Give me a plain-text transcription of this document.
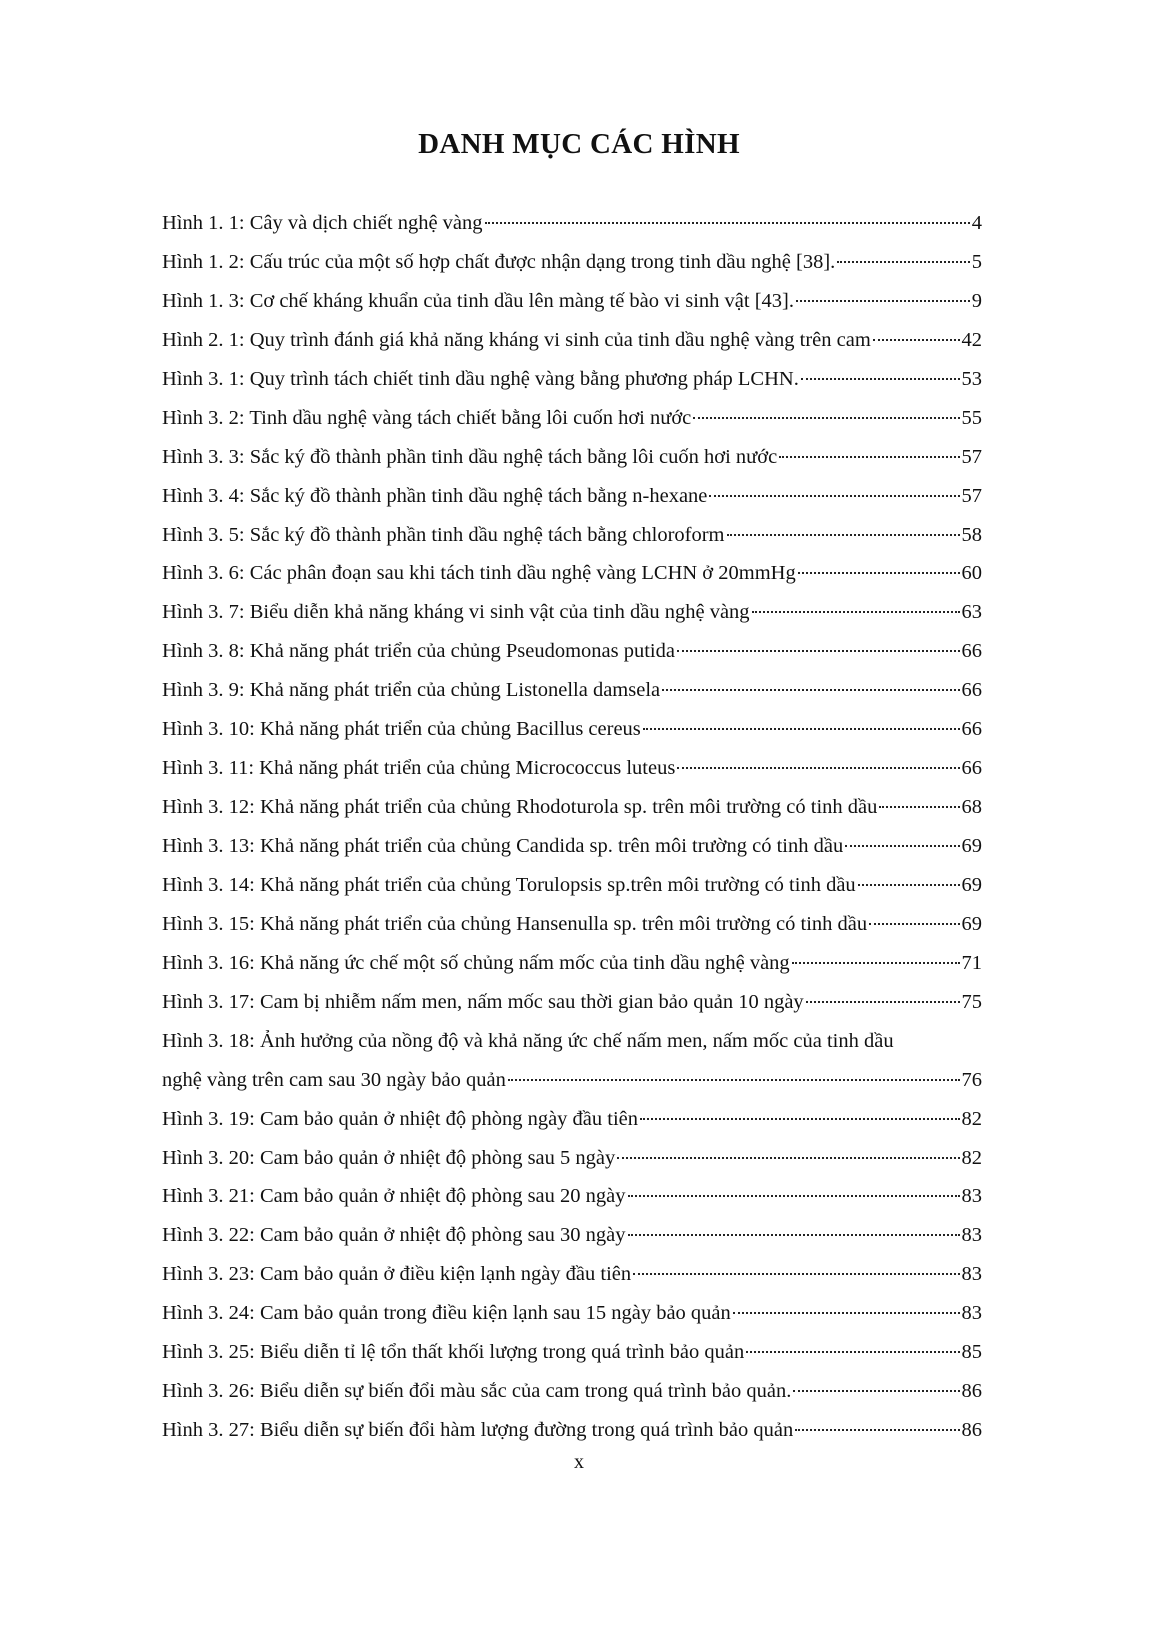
DANH MỤC CÁC HÌNH
Hình 1. 1: Cây và dịch chiết nghệ vàng	4
Hình 1. 2: Cấu trúc của một số hợp chất được nhận dạng trong tinh dầu nghệ [38].	5
Hình 1. 3: Cơ chế kháng khuẩn của tinh dầu lên màng tế bào vi sinh vật [43].	9
Hình 2. 1: Quy trình đánh giá khả năng kháng vi sinh của tinh dầu nghệ vàng trên cam	42
Hình 3. 1: Quy trình tách chiết tinh dầu nghệ vàng bằng phương pháp LCHN.	53
Hình 3. 2: Tinh dầu nghệ vàng tách chiết bằng lôi cuốn hơi nước	55
Hình 3. 3: Sắc ký đồ thành phần tinh dầu nghệ tách bằng lôi cuốn hơi nước	57
Hình 3. 4: Sắc ký đồ thành phần tinh dầu nghệ tách bằng n-hexane	57
Hình 3. 5: Sắc ký đồ thành phần tinh dầu nghệ tách bằng chloroform	58
Hình 3. 6: Các phân đoạn sau khi tách tinh dầu nghệ vàng LCHN ở 20mmHg	60
Hình 3. 7: Biểu diễn khả năng kháng vi sinh vật của tinh dầu nghệ vàng	63
Hình 3. 8: Khả năng phát triển của chủng Pseudomonas putida	66
Hình 3. 9: Khả năng phát triển của chủng Listonella damsela	66
Hình 3. 10: Khả năng phát triển của chủng Bacillus cereus	66
Hình 3. 11: Khả năng phát triển của chủng Micrococcus luteus	66
Hình 3. 12: Khả năng phát triển của chủng Rhodoturola sp. trên môi trường có tinh dầu	68
Hình 3. 13: Khả năng phát triển của chủng Candida sp. trên môi trường có tinh dầu	69
Hình 3. 14: Khả năng phát triển của chủng Torulopsis sp.trên môi trường có tinh dầu	69
Hình 3. 15: Khả năng phát triển của chủng Hansenulla sp. trên môi trường có tinh dầu	69
Hình 3. 16: Khả năng ức chế một số chủng nấm mốc của tinh dầu nghệ vàng	71
Hình 3. 17: Cam bị nhiễm nấm men, nấm mốc sau thời gian bảo quản 10 ngày	75
Hình 3. 18: Ảnh hưởng của nồng độ và khả năng ức chế nấm men, nấm mốc của tinh dầu
nghệ vàng trên cam sau 30 ngày bảo quản	76
Hình 3. 19: Cam bảo quản ở nhiệt độ phòng ngày đầu tiên	82
Hình 3. 20: Cam bảo quản ở nhiệt độ phòng sau 5 ngày	82
Hình 3. 21: Cam bảo quản ở nhiệt độ phòng sau 20 ngày	83
Hình 3. 22: Cam bảo quản ở nhiệt độ phòng sau 30 ngày	83
Hình 3. 23: Cam bảo quản ở điều kiện lạnh ngày đầu tiên	83
Hình 3. 24: Cam bảo quản trong điều kiện lạnh sau 15 ngày bảo quản	83
Hình 3. 25: Biểu diễn tỉ lệ tổn thất khối lượng trong quá trình bảo quản	85
Hình 3. 26: Biểu diễn sự biến đổi màu sắc của cam trong quá trình bảo quản.	86
Hình 3. 27: Biểu diễn sự biến đổi hàm lượng đường trong quá trình bảo quản	86
x
